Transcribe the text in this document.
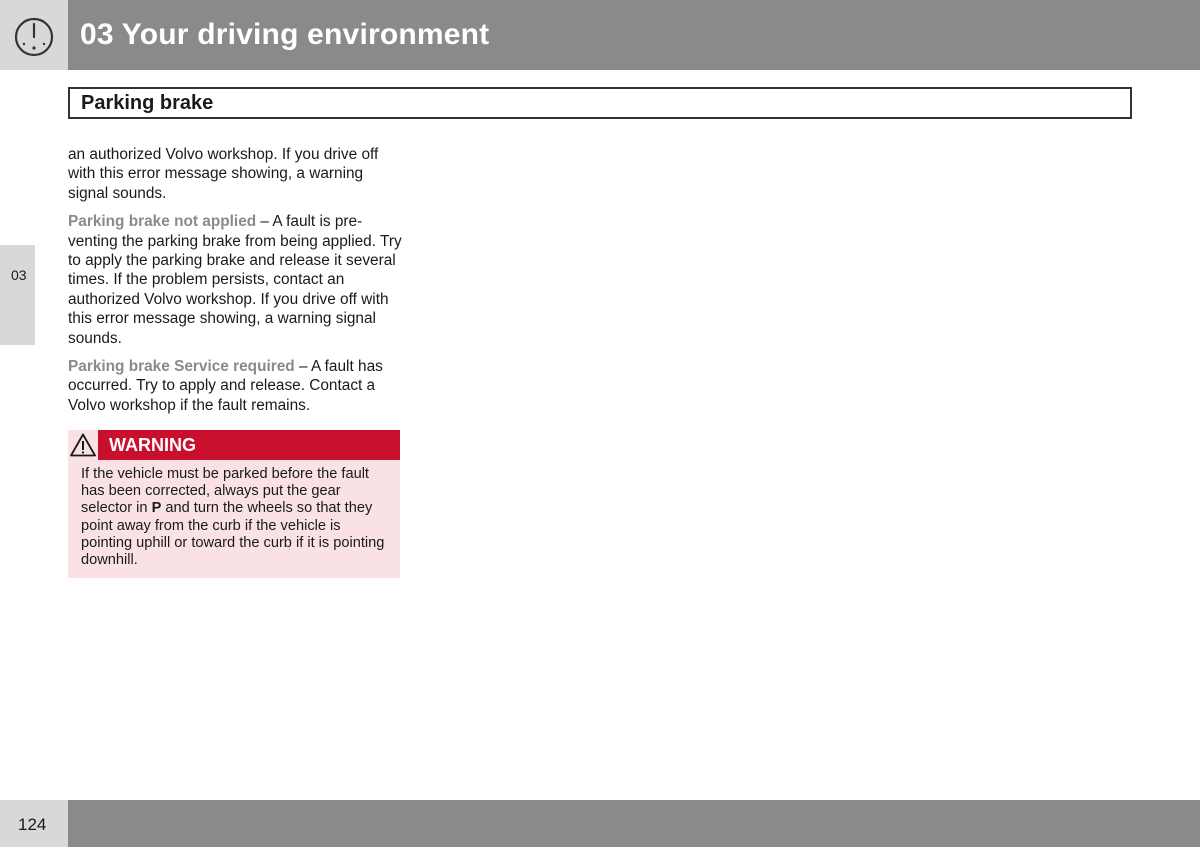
03 Your driving environment
Parking brake
03

an authorized Volvo workshop. If you drive off with this error message showing, a warning signal sounds.

Parking brake not applied – A fault is pre-venting the parking brake from being applied. Try to apply the parking brake and release it several times. If the problem persists, contact an authorized Volvo workshop. If you drive off with this error message showing, a warning signal sounds.

Parking brake Service required – A fault has occurred. Try to apply and release. Contact a Volvo workshop if the fault remains.

WARNING

If the vehicle must be parked before the fault has been corrected, always put the gear selector in P and turn the wheels so that they point away from the curb if the vehicle is pointing uphill or toward the curb if it is pointing downhill.

124
